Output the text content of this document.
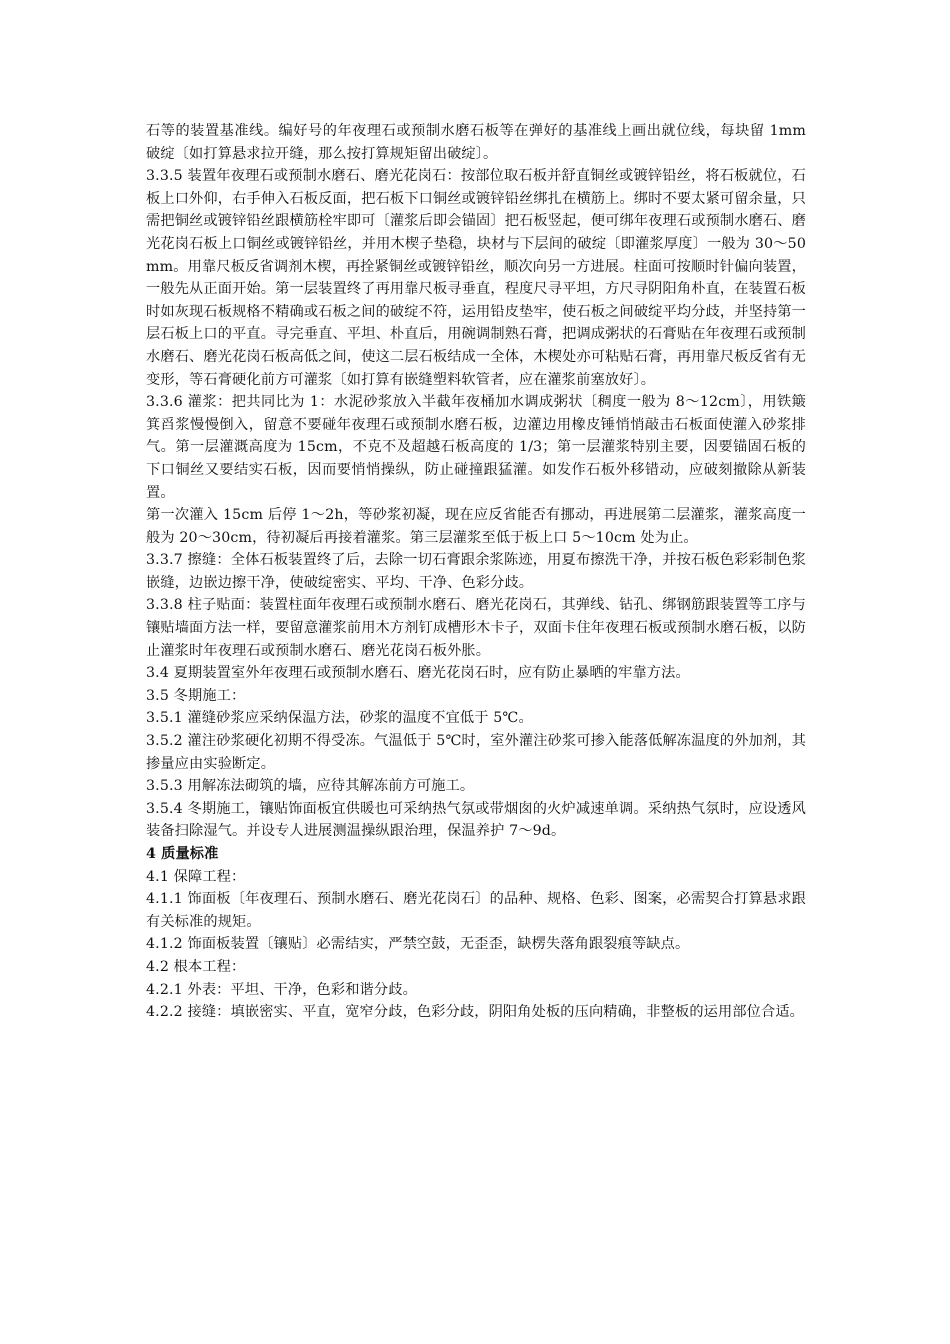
石等的装置基准线。编好号的年夜理石或预制水磨石板等在弹好的基准线上画出就位线，每块留 1mm 破绽〔如打算悬求拉开缝，那么按打算规矩留出破绽〕。

3.3.5 装置年夜理石或预制水磨石、磨光花岗石：按部位取石板并舒直铜丝或镀锌铅丝，将石板就位，石板上口外仰，右手伸入石板反面，把石板下口铜丝或镀锌铅丝绑扎在横筋上。绑时不要太紧可留余量，只需把铜丝或镀锌铅丝跟横筋栓牢即可〔灌浆后即会锚固〕把石板竖起，便可绑年夜理石或预制水磨石、磨光花岗石板上口铜丝或镀锌铅丝，并用木楔子垫稳，块材与下层间的破绽〔即灌浆厚度〕一般为 30～50mm。用靠尺板反省调剂木楔，再拴紧铜丝或镀锌铅丝，顺次向另一方进展。柱面可按顺时针偏向装置，一般先从正面开始。第一层装置终了再用靠尺板寻垂直，程度尺寻平坦，方尺寻阴阳角朴直，在装置石板时如灰现石板规格不精确或石板之间的破绽不符，运用铅皮垫牢，使石板之间破绽平均分歧，并坚持第一层石板上口的平直。寻完垂直、平坦、朴直后，用碗调制熟石膏，把调成粥状的石膏贴在年夜理石或预制水磨石、磨光花岗石板高低之间，使这二层石板结成一全体，木楔处亦可粘贴石膏，再用靠尺板反省有无变形，等石膏硬化前方可灌浆〔如打算有嵌缝塑料软管者，应在灌浆前塞放好〕。

3.3.6 灌浆：把共同比为 1：水泥砂浆放入半截年夜桶加水调成粥状〔稠度一般为 8～12cm〕，用铁簸箕舀浆慢慢倒入，留意不要碰年夜理石或预制水磨石板，边灌边用橡皮锤悄悄敲击石板面使灌入砂浆排气。第一层灌溉高度为 15cm，不克不及超越石板高度的 1/3；第一层灌浆特别主要，因要锚固石板的下口铜丝又要结实石板，因而要悄悄操纵，防止碰撞跟猛灌。如发作石板外移错动，应破刻撤除从新装置。

第一次灌入 15cm 后停 1～2h，等砂浆初凝，现在应反省能否有挪动，再进展第二层灌浆，灌浆高度一般为 20～30cm，待初凝后再接着灌浆。第三层灌浆至低于板上口 5～10cm 处为止。

3.3.7 擦缝：全体石板装置终了后，去除一切石膏跟余浆陈迹，用夏布擦洗干净，并按石板色彩彩制色浆嵌缝，边嵌边擦干净，使破绽密实、平均、干净、色彩分歧。

3.3.8 柱子贴面：装置柱面年夜理石或预制水磨石、磨光花岗石，其弹线、钻孔、绑钢筋跟装置等工序与镶贴墙面方法一样，要留意灌浆前用木方剂钉成槽形木卡子，双面卡住年夜理石板或预制水磨石板，以防止灌浆时年夜理石或预制水磨石、磨光花岗石板外胀。

3.4 夏期装置室外年夜理石或预制水磨石、磨光花岗石时，应有防止暴晒的牢靠方法。

3.5 冬期施工：

3.5.1 灌缝砂浆应采纳保温方法，砂浆的温度不宜低于 5℃。

3.5.2 灌注砂浆硬化初期不得受冻。气温低于 5℃时，室外灌注砂浆可掺入能落低解冻温度的外加剂，其掺量应由实验断定。

3.5.3 用解冻法砌筑的墙，应待其解冻前方可施工。

3.5.4 冬期施工，镶贴饰面板宜供暖也可采纳热气氛或带烟囱的火炉减速单调。采纳热气氛时，应设透风装备扫除湿气。并设专人进展测温操纵跟治理，保温养护 7～9d。

4 质量标准

4.1 保障工程：

4.1.1 饰面板〔年夜理石、预制水磨石、磨光花岗石〕的品种、规格、色彩、图案，必需契合打算悬求跟有关标准的规矩。

4.1.2 饰面板装置〔镶贴〕必需结实，严禁空鼓，无歪歪，缺楞失落角跟裂痕等缺点。

4.2 根本工程：

4.2.1 外表：平坦、干净，色彩和谐分歧。

4.2.2 接缝：填嵌密实、平直，宽窄分歧，色彩分歧，阴阳角处板的压向精确，非整板的运用部位合适。
